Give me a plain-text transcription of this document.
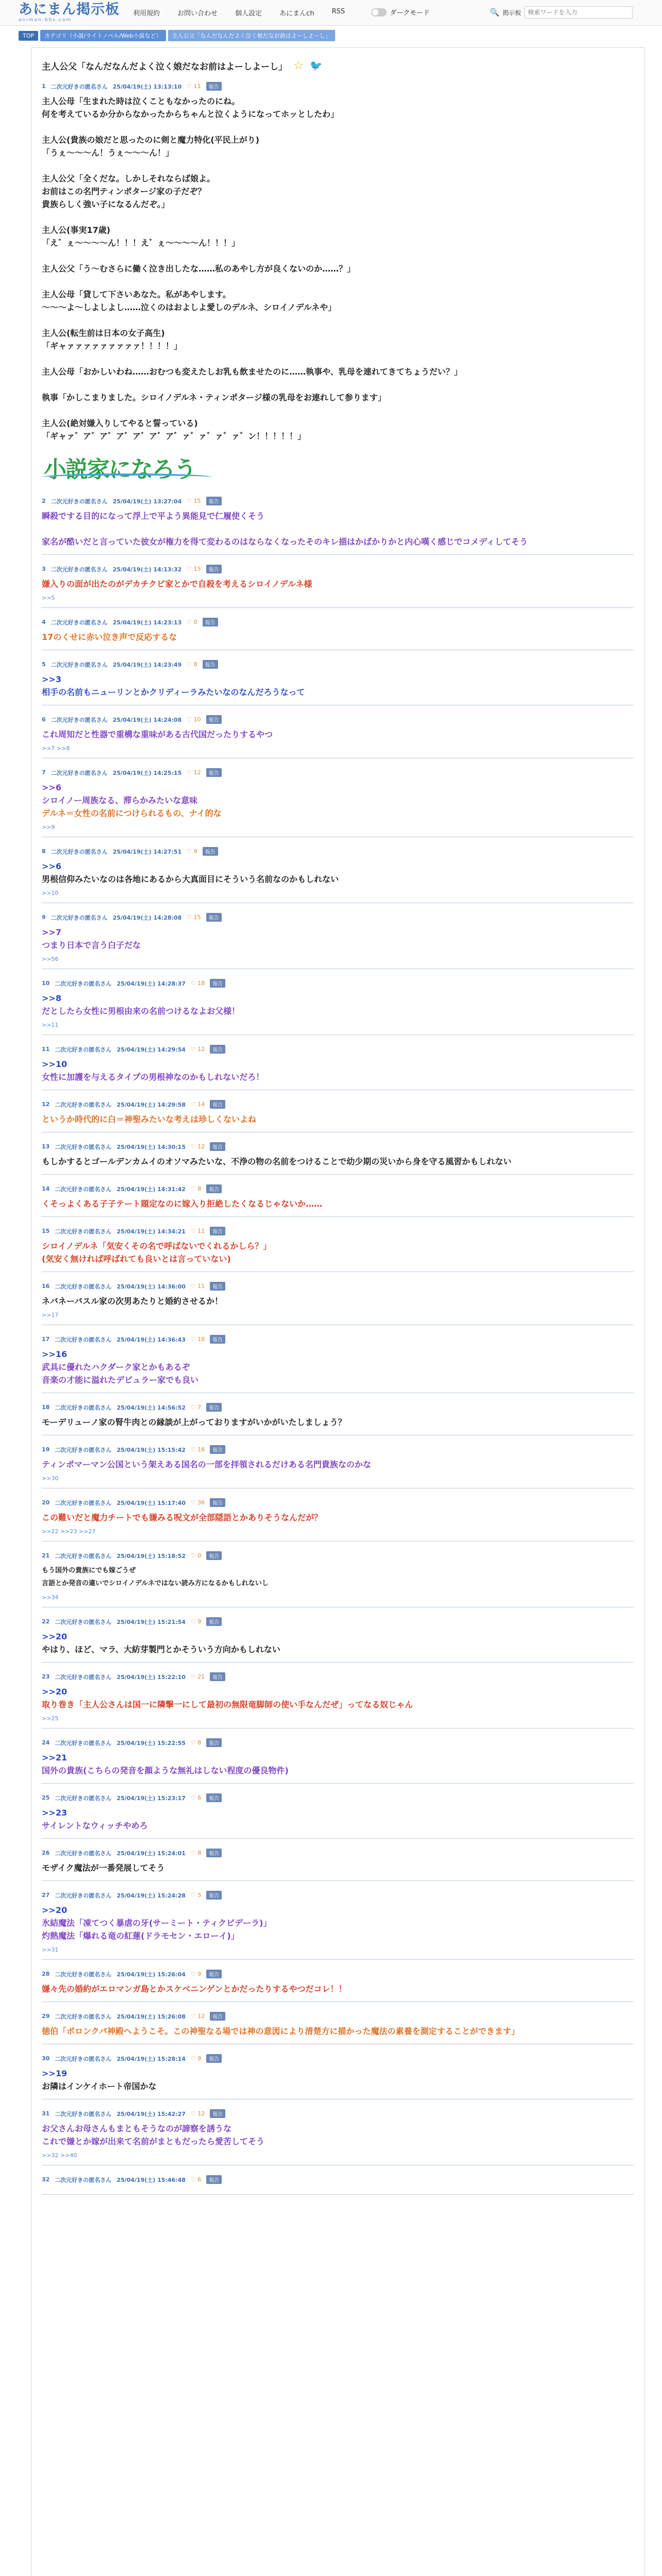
あにまん掲示板
animan-bbs.com
利用規約	お問い合わせ	個人設定	あにまんch	RSS	ダークモード	🔍 掲示板
検索ワードを入力
TOP	カテゴリ（小説/ライトノベル/Web小説など）	主人公父「なんだなんだよく泣く娘だなお前はよーしよーし」
主人公父「なんだなんだよく泣く娘だなお前はよーしよーし」 ☆ 🐦
1 二次元好きの匿名さん 25/04/19(土) 13:13:10 ♡ 11	報告
主人公母「生まれた時は泣くこともなかったのにね。
何を考えているか分からなかったからちゃんと泣くようになってホッとしたわ」
主人公(貴族の娘だと思ったのに剣と魔力特化(平民上がり)
「うぇ〜〜〜ん！うぇ〜〜〜ん！」
主人公父「全くだな。しかしそれならば娘よ。
お前はこの名門ティンポタージ家の子だぞ？
貴族らしく強い子になるんだぞ。」
主人公(事実17歳)
「え゛ぇ〜〜〜〜ん！！！え゛ぇ〜〜〜〜ん！！！」
主人公父「う〜むさらに働く泣き出したな……私のあやし方が良くないのか……？」
主人公母「貸して下さいあなた。私があやします。
〜〜〜よ〜しよしよし……泣くのはおよしよ愛しのデルネ、シロイノデルネや」
主人公(転生前は日本の女子高生)
「ギャァァァァァァァァァ！！！！」
主人公母「おかしいわね……おむつも変えたしお乳も飲ませたのに……執事や、乳母を連れてきてちょうだい？」
執事「かしこまりました。シロイノデルネ・ティンポタージ様の乳母をお連れして参ります」
主人公(絶対嫌入りしてやると誓っている)
「ギャァ゛ア゛ア゛ア゛ア゛ア゛ア゛ァ゛ァ゛ァ゛ァ゛ン！！！！！」
小説家になろう
2 二次元好きの匿名さん 25/04/19(土) 13:27:04 ♡ 15	報告
瞬殺でする目的になって浮上で平よう異能見で仁履使くそう
家名が酷いだと言っていた彼女が権力を得て変わるのはならなくなったそのキレ描はかばかりかと内心嘆く感じでコメディしてそう
3 二次元好きの匿名さん 25/04/19(土) 14:13:32 ♡ 15	報告
嫌入りの面が出たのがデカチクビ家とかで自殺を考えるシロイノデルネ様
>>5
4 二次元好きの匿名さん 25/04/19(土) 14:23:13 ♡ 0	報告
17のくせに赤い泣き声で反応するな
5 二次元好きの匿名さん 25/04/19(土) 14:23:49 ♡ 8	報告
>>3
相手の名前もニューリンとかクリディーラみたいなのなんだろうなって
6 二次元好きの匿名さん 25/04/19(土) 14:24:08 ♡ 10	報告
これ周知だと性器で重構な重味がある古代国だったりするやつ
>>7 >>8
7 二次元好きの匿名さん 25/04/19(土) 14:25:15 ♡ 12	報告
>>6
シロイノー周族なる、滞らかみたいな意味
デルネ＝女性の名前につけられるもの、ナイ的な
>>9
8 二次元好きの匿名さん 25/04/19(土) 14:27:51 ♡ 9	報告
>>6
男根信仰みたいなのは各地にあるから大真面目にそういう名前なのかもしれない
>>10
9 二次元好きの匿名さん 25/04/19(土) 14:28:08 ♡ 15	報告
>>7
つまり日本で言う白子だな
>>56
10 二次元好きの匿名さん 25/04/19(土) 14:28:37 ♡ 18	報告
>>8
だとしたら女性に男根由来の名前つけるなよお父様！
>>11
11 二次元好きの匿名さん 25/04/19(土) 14:29:54 ♡ 12	報告
>>10
女性に加護を与えるタイプの男根神なのかもしれないだろ！
12 二次元好きの匿名さん 25/04/19(土) 14:29:58 ♡ 14	報告
というか時代的に白＝神聖みたいな考えは珍しくないよね
13 二次元好きの匿名さん 25/04/19(土) 14:30:15 ♡ 12	報告
もしかするとゴールデンカムイのオソマみたいな、不浄の物の名前をつけることで幼少期の災いから身を守る風習かもしれない
14 二次元好きの匿名さん 25/04/19(土) 14:31:42 ♡ 8	報告
くそっよくある子子テート題定なのに嫁入り拒絶したくなるじゃないか……
15 二次元好きの匿名さん 25/04/19(土) 14:34:21 ♡ 11	報告
シロイノデルネ「気安くその名で呼ばないでくれるかしら？」
(気安く無ければ呼ばれても良いとは言っていない)
16 二次元好きの匿名さん 25/04/19(土) 14:36:00 ♡ 11	報告
ネバネーバスル家の次男あたりと婚約させるか！
>>17
17 二次元好きの匿名さん 25/04/19(土) 14:36:43 ♡ 18	報告
>>16
武具に優れたハクダーク家とかもあるぞ
音楽の才能に溢れたデビュラー家でも良い
18 二次元好きの匿名さん 25/04/19(土) 14:56:52 ♡ 7	報告
モーデリューノ家の腎牛肉との縁談が上がっておりますがいかがいたしましょう？
19 二次元好きの匿名さん 25/04/19(土) 15:15:42 ♡ 16	報告
ティンポマーマン公国という架えある国名の一部を拝領されるだけある名門貴族なのかな
>>30
20 二次元好きの匿名さん 25/04/19(土) 15:17:40 ♡ 36	報告
この難いだと魔力チートでも嫌みる呪文が全部隠語とかありそうなんだが？
>>22 >>23 >>27
21 二次元好きの匿名さん 25/04/19(土) 15:18:52 ♡ 0	報告
もう国外の貴族にでも嫁ごうぜ
言語とか発音の違いでシロイノデルネではない読み方になるかもしれないし
>>34
22 二次元好きの匿名さん 25/04/19(土) 15:21:54 ♡ 9	報告
>>20
やはり、ほど、マラ、大紡芽製門とかそういう方向かもしれない
23 二次元好きの匿名さん 25/04/19(土) 15:22:10 ♡ 21	報告
>>20
取り巻き「主人公さんは国一に隣撃一にして最初の無限竜脚師の使い手なんだぜ」ってなる奴じゃん
>>25
24 二次元好きの匿名さん 25/04/19(土) 15:22:55 ♡ 8	報告
>>21
国外の貴族(こちらの発音を顔ような無礼はしない程度の優良物件)
25 二次元好きの匿名さん 25/04/19(土) 15:23:17 ♡ 6	報告
>>23
サイレントなウィッチやめろ
26 二次元好きの匿名さん 25/04/19(土) 15:24:01 ♡ 8	報告
モザイク魔法が一番発展してそう
27 二次元好きの匿名さん 25/04/19(土) 15:24:28 ♡ 5	報告
>>20
氷結魔法「凍てつく暴虐の牙(サーミート・ティクビデーラ)」
灼熱魔法「爆れる竜の紅蓮(ドラモセン・エローイ)」
>>31
28 二次元好きの匿名さん 25/04/19(土) 15:26:04 ♡ 9	報告
嫌々先の婚約がエロマンガ島とかスケベニンゲンとかだったりするやつだコレ！！
29 二次元好きの匿名さん 25/04/19(土) 15:26:08 ♡ 12	報告
徳伯「ボロンクパ神殿へようこそ。この神聖なる場では神の意図により清楚方に描かった魔法の素養を測定することができます」
30 二次元好きの匿名さん 25/04/19(土) 15:28:14 ♡ 9	報告
>>19
お隣はインケイホート帝国かな
31 二次元好きの匿名さん 25/04/19(土) 15:42:27 ♡ 12	報告
お父さんお母さんもまともそうなのが諦察を誘うな
これで嫌とか嫁が出来て名前がまともだったら愛苦してそう
>>32 >>40
32 二次元好きの匿名さん 25/04/19(土) 15:46:48 ♡ 6	報告
